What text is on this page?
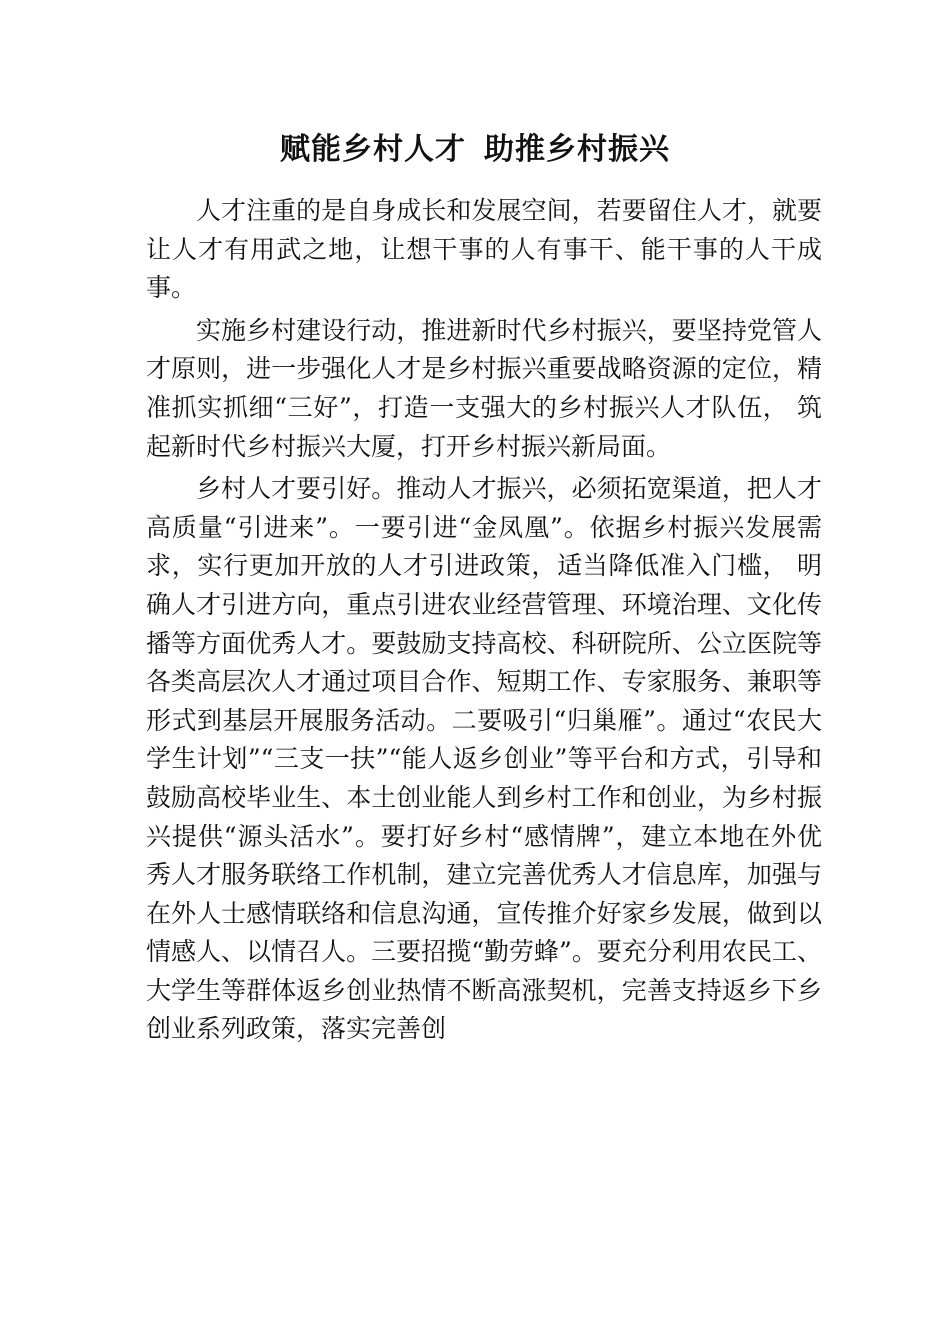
赋能乡村人才 助推乡村振兴

人才注重的是自身成长和发展空间，若要留住人才，就要让人才有用武之地，让想干事的人有事干、能干事的人干成事。

实施乡村建设行动，推进新时代乡村振兴，要坚持党管人才原则，进一步强化人才是乡村振兴重要战略资源的定位，精准抓实抓细“三好”，打造一支强大的乡村振兴人才队伍， 筑起新时代乡村振兴大厦，打开乡村振兴新局面。

乡村人才要引好。推动人才振兴，必须拓宽渠道，把人才高质量“引进来”。一要引进“金凤凰”。依据乡村振兴发展需求，实行更加开放的人才引进政策，适当降低准入门槛， 明确人才引进方向，重点引进农业经营管理、环境治理、文化传播等方面优秀人才。要鼓励支持高校、科研院所、公立医院等各类高层次人才通过项目合作、短期工作、专家服务、兼职等形式到基层开展服务活动。二要吸引“归巢雁”。通过“农民大学生计划”“三支一扶”“能人返乡创业”等平台和方式，引导和鼓励高校毕业生、本土创业能人到乡村工作和创业，为乡村振兴提供“源头活水”。要打好乡村“感情牌”，建立本地在外优秀人才服务联络工作机制，建立完善优秀人才信息库，加强与在外人士感情联络和信息沟通，宣传推介好家乡发展，做到以情感人、以情召人。三要招揽“勤劳蜂”。要充分利用农民工、大学生等群体返乡创业热情不断高涨契机，完善支持返乡下乡创业系列政策，落实完善创
